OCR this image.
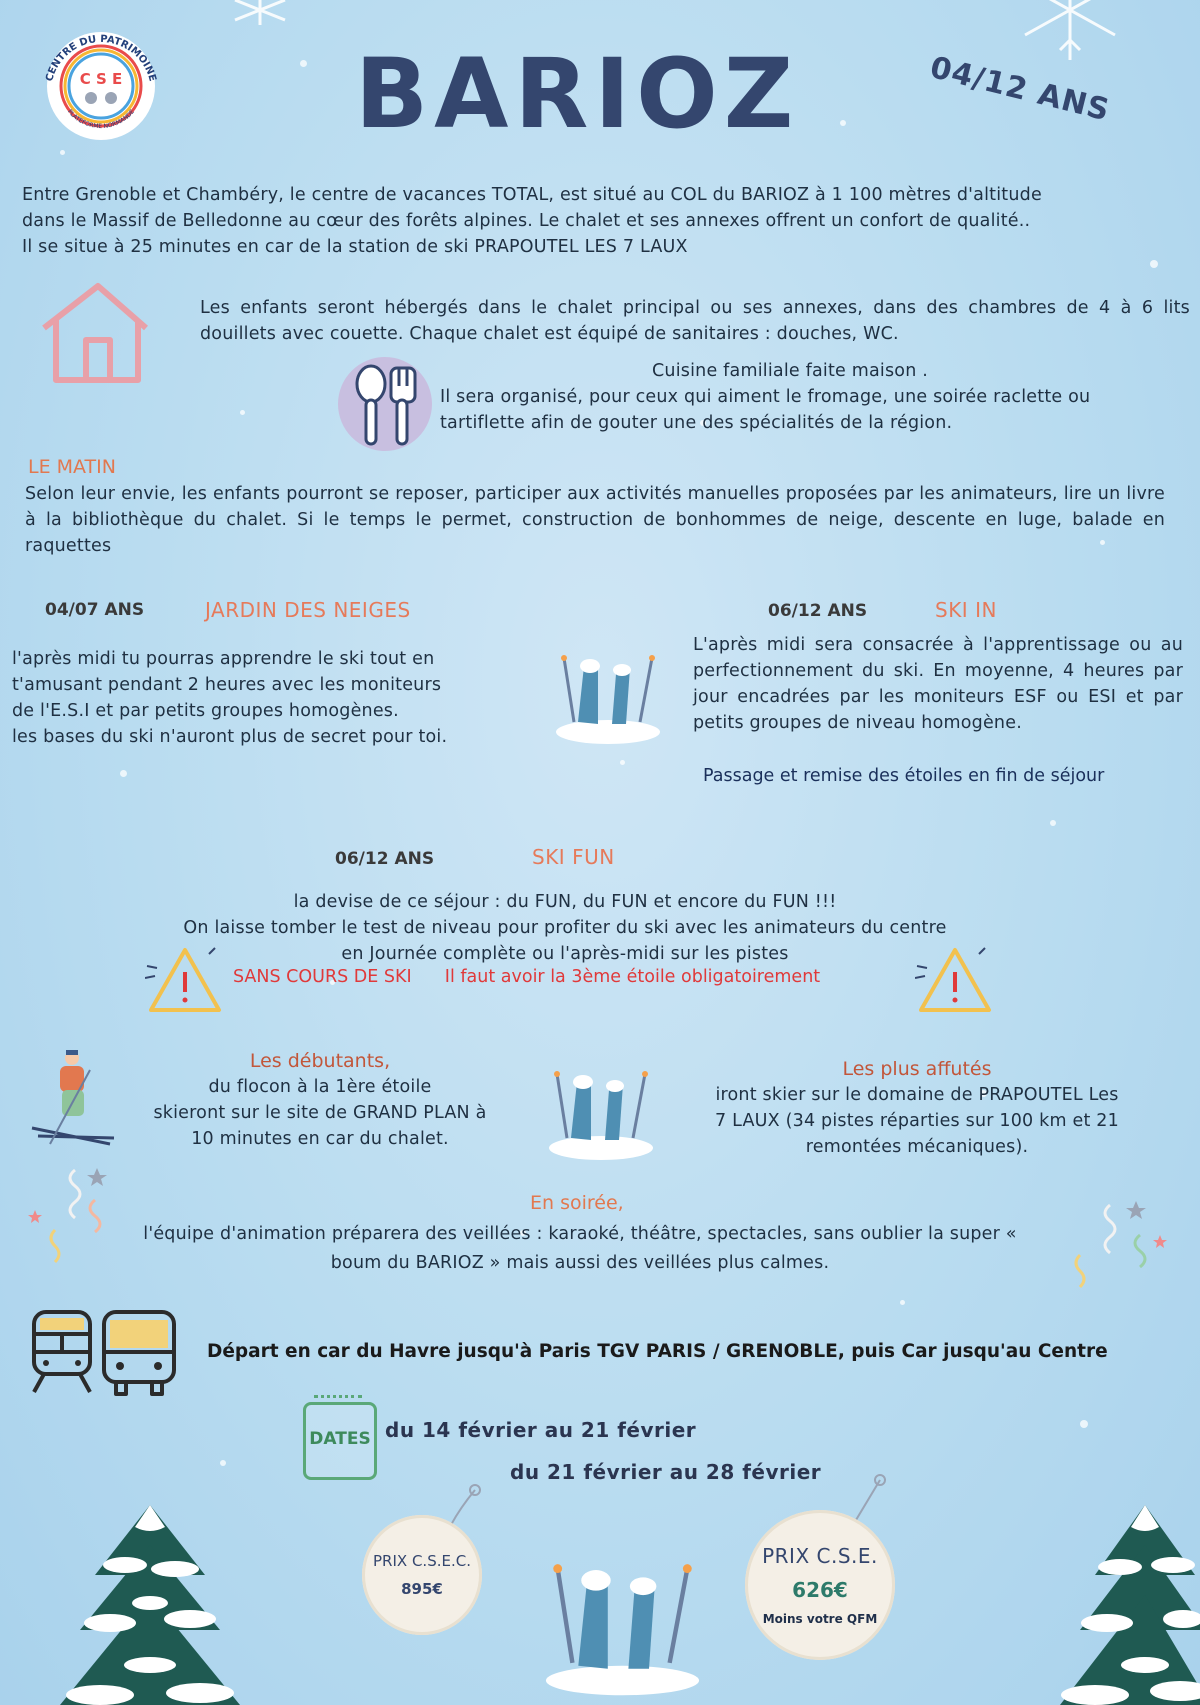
CENTRE DU PATRIMOINE
C S E
PLATEFORME NORMANDE BARIOZ	04/12 ANS
Entre Grenoble et Chambéry, le centre de vacances TOTAL, est situé au COL du BARIOZ à 1 100 mètres d'altitude
dans le Massif de Belledonne au cœur des forêts alpines. Le chalet et ses annexes offrent un confort de qualité..
Il se situe à 25 minutes en car de la station de ski PRAPOUTEL LES 7 LAUX
Les enfants seront hébergés dans le chalet principal ou ses annexes, dans des chambres de 4 à 6 lits douillets avec couette. Chaque chalet est équipé de sanitaires : douches, WC.
Cuisine familiale faite maison .
Il sera organisé, pour ceux qui aiment le fromage, une soirée raclette ou tartiflette afin de gouter une des spécialités de la région.
LE MATIN
Selon leur envie, les enfants pourront se reposer, participer aux activités manuelles proposées par les animateurs, lire un livre à la bibliothèque du chalet. Si le temps le permet, construction de bonhommes de neige, descente en luge, balade en raquettes
04/07 ANS	JARDIN DES NEIGES
l'après midi tu pourras apprendre le ski tout en
t'amusant pendant 2 heures avec les moniteurs
de l'E.S.I et par petits groupes homogènes.
les bases du ski n'auront plus de secret pour toi.
06/12 ANS	SKI IN
L'après midi sera consacrée à l'apprentissage ou au perfectionnement du ski. En moyenne, 4 heures par jour encadrées par les moniteurs ESF ou ESI et par petits groupes de niveau homogène.
Passage et remise des étoiles en fin de séjour
06/12 ANS	SKI FUN
la devise de ce séjour : du FUN, du FUN et encore du FUN !!!
On laisse tomber le test de niveau pour profiter du ski avec les animateurs du centre
en Journée complète ou l'après-midi sur les pistes
SANS COURS DE SKI Il faut avoir la 3ème étoile obligatoirement
Les débutants,
du flocon à la 1ère étoile
skieront sur le site de GRAND PLAN à
10 minutes en car du chalet.
Les plus affutés
iront skier sur le domaine de PRAPOUTEL Les
7 LAUX (34 pistes réparties sur 100 km et 21
remontées mécaniques).
En soirée,
l'équipe d'animation préparera des veillées : karaoké, théâtre, spectacles, sans oublier la super «
boum du BARIOZ » mais aussi des veillées plus calmes.
Départ en car du Havre jusqu'à Paris TGV PARIS / GRENOBLE, puis Car jusqu'au Centre
DATES du 14 février au 21 février
du 21 février au 28 février
PRIX C.S.E.C.
895€
PRIX C.S.E.
626€
Moins votre QFM
